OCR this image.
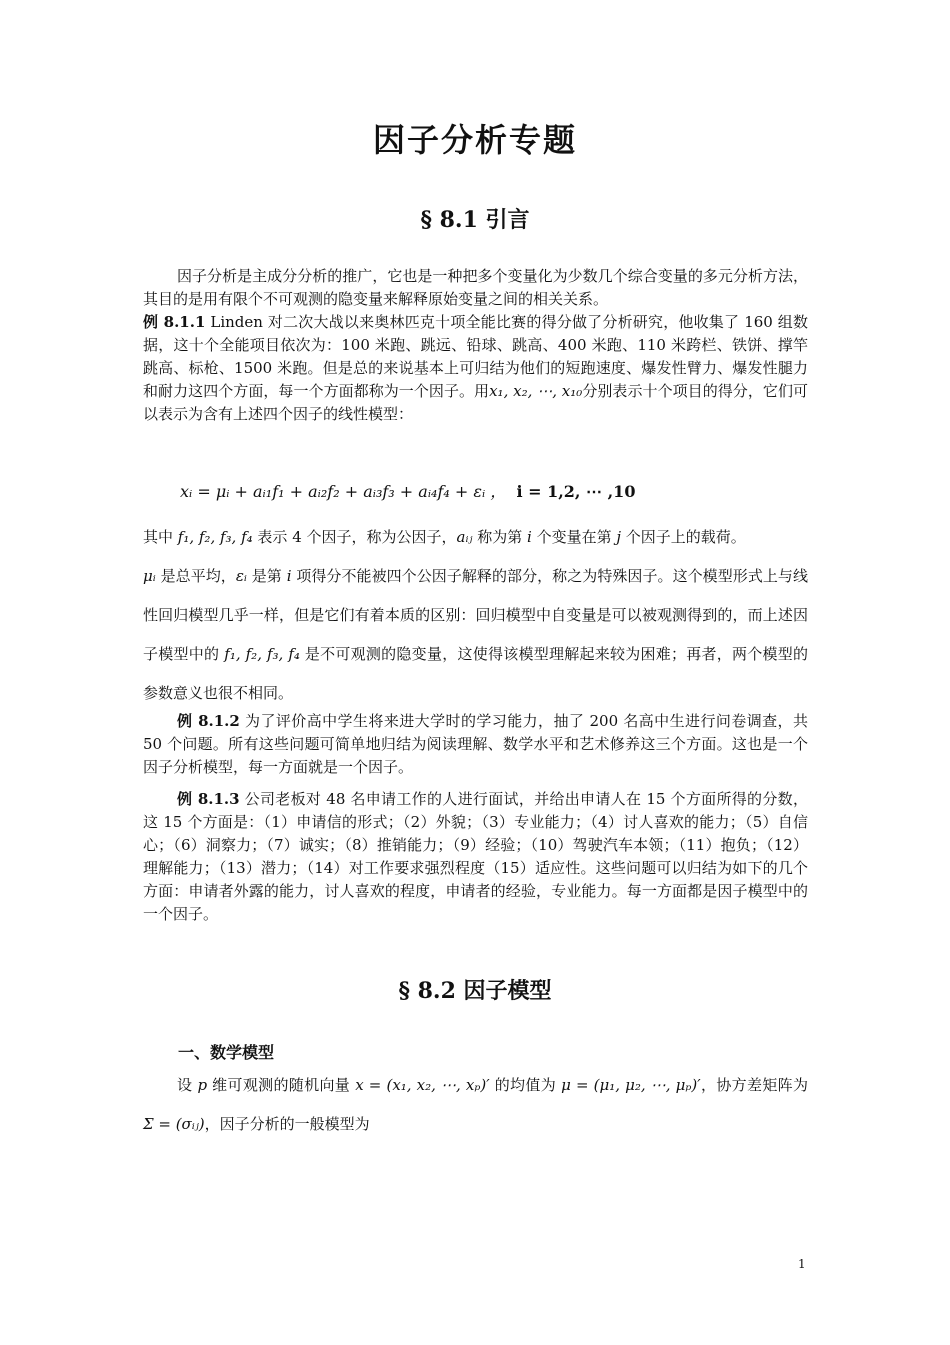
因子分析专题
§ 8.1 引言

因子分析是主成分分析的推广，它也是一种把多个变量化为少数几个综合变量的多元分析方法，其目的是用有限个不可观测的隐变量来解释原始变量之间的相关关系。
例 8.1.1 Linden 对二次大战以来奥林匹克十项全能比赛的得分做了分析研究，他收集了 160 组数据，这十个全能项目依次为：100 米跑、跳远、铅球、跳高、400 米跑、110 米跨栏、铁饼、撑竿跳高、标枪、1500 米跑。但是总的来说基本上可归结为他们的短跑速度、爆发性臂力、爆发性腿力和耐力这四个方面，每一个方面都称为一个因子。用x₁, x₂, ⋯, x₁₀分别表示十个项目的得分，它们可以表示为含有上述四个因子的线性模型：

xᵢ = μᵢ + aᵢ₁f₁ + aᵢ₂f₂ + aᵢ₃f₃ + aᵢ₄f₄ + εᵢ ， i = 1,2, ⋯ ,10

其中 f₁, f₂, f₃, f₄ 表示 4 个因子，称为公因子，aᵢⱼ 称为第 i 个变量在第 j 个因子上的载荷。
μᵢ 是总平均，εᵢ 是第 i 项得分不能被四个公因子解释的部分，称之为特殊因子。这个模型形式上与线性回归模型几乎一样，但是它们有着本质的区别：回归模型中自变量是可以被观测得到的，而上述因子模型中的 f₁, f₂, f₃, f₄ 是不可观测的隐变量，这使得该模型理解起来较为困难；再者，两个模型的参数意义也很不相同。

例 8.1.2 为了评价高中学生将来进大学时的学习能力，抽了 200 名高中生进行问卷调查，共 50 个问题。所有这些问题可简单地归结为阅读理解、数学水平和艺术修养这三个方面。这也是一个因子分析模型，每一方面就是一个因子。

例 8.1.3 公司老板对 48 名申请工作的人进行面试，并给出申请人在 15 个方面所得的分数，这 15 个方面是：（1）申请信的形式；（2）外貌；（3）专业能力；（4）讨人喜欢的能力；（5）自信心；（6）洞察力；（7）诚实；（8）推销能力；（9）经验；（10）驾驶汽车本领；（11）抱负；（12）理解能力；（13）潜力；（14）对工作要求强烈程度（15）适应性。这些问题可以归结为如下的几个方面：申请者外露的能力，讨人喜欢的程度，申请者的经验，专业能力。每一方面都是因子模型中的一个因子。

§ 8.2 因子模型
一、数学模型

设 p 维可观测的随机向量 x = (x₁, x₂, ⋯, xₚ)′ 的均值为 μ = (μ₁, μ₂, ⋯, μₚ)′，协方差矩阵为 Σ = (σᵢⱼ)，因子分析的一般模型为

1
